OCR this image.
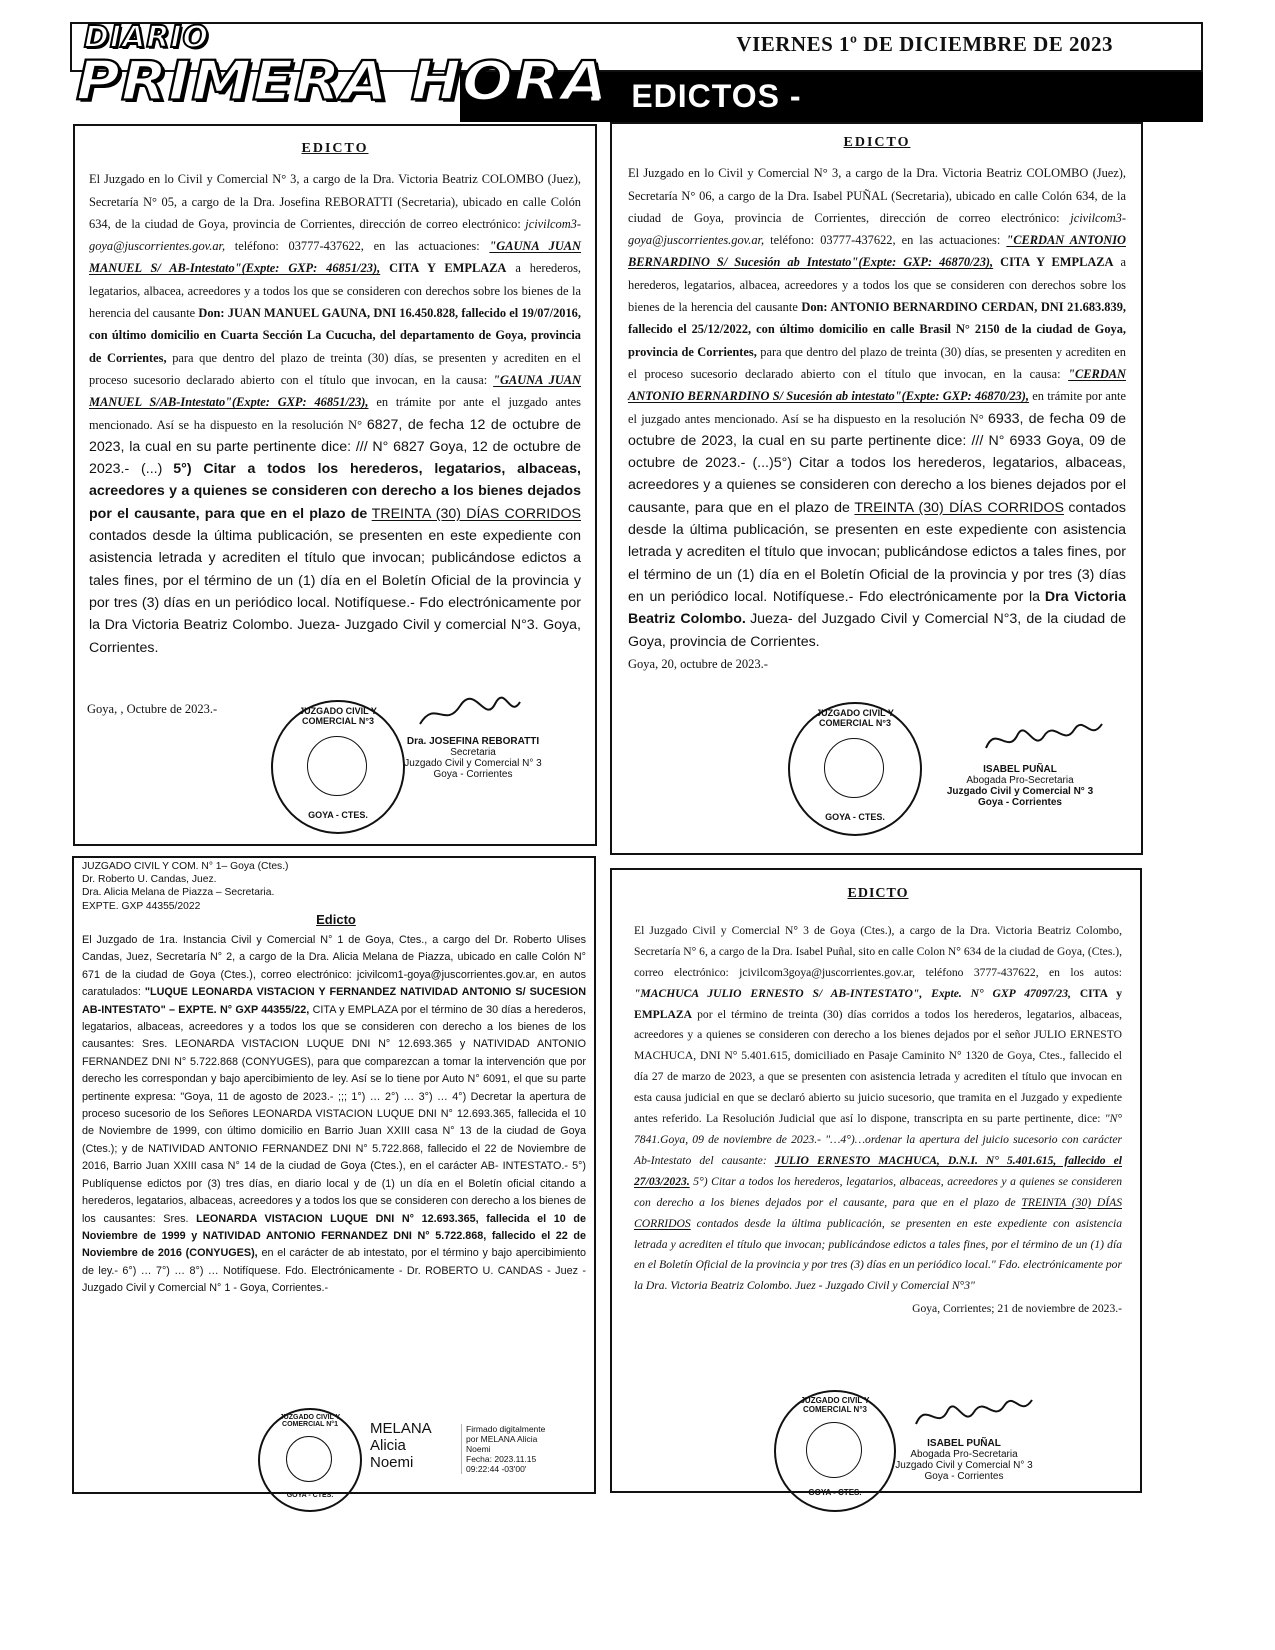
DIARIO
PRIMERA HORA
VIERNES 1º DE DICIEMBRE DE 2023
-   EDICTOS -
EDICTO

El Juzgado en lo Civil y Comercial N° 3, a cargo de la Dra. Victoria Beatriz COLOMBO (Juez), Secretaría N° 05, a cargo de la Dra. Josefina REBORATTI (Secretaria), ubicado en calle Colón 634, de la ciudad de Goya, provincia de Corrientes, dirección de correo electrónico: jcivilcom3-goya@juscorrientes.gov.ar, teléfono: 03777-437622, en las actuaciones: "GAUNA JUAN MANUEL S/ AB-Intestato"(Expte: GXP: 46851/23), CITA Y EMPLAZA a herederos, legatarios, albacea, acreedores y a todos los que se consideren con derechos sobre los bienes de la herencia del causante Don: JUAN MANUEL GAUNA, DNI 16.450.828, fallecido el 19/07/2016, con último domicilio en Cuarta Sección La Cucucha, del departamento de Goya, provincia de Corrientes, para que dentro del plazo de treinta (30) días, se presenten y acrediten en el proceso sucesorio declarado abierto con el título que invocan, en la causa: "GAUNA JUAN MANUEL S/AB-Intestato"(Expte: GXP: 46851/23), en trámite por ante el juzgado antes mencionado. Así se ha dispuesto en la resolución N° 6827, de fecha 12 de octubre de 2023, la cual en su parte pertinente dice: /// N° 6827 Goya, 12 de octubre de 2023.- (...) 5°) Citar a todos los herederos, legatarios, albaceas, acreedores y a quienes se consideren con derecho a los bienes dejados por el causante, para que en el plazo de TREINTA (30) DÍAS CORRIDOS contados desde la última publicación, se presenten en este expediente con asistencia letrada y acrediten el título que invocan; publicándose edictos a tales fines, por el término de un (1) día en el Boletín Oficial de la provincia y por tres (3) días en un periódico local. Notifíquese.- Fdo electrónicamente por la Dra Victoria Beatriz Colombo. Jueza- Juzgado Civil y comercial N°3. Goya, Corrientes.

Goya, , Octubre de 2023.-	JUZGADO CIVIL Y COMERCIAL N°3
GOYA - CTES.
Dra. JOSEFINA REBORATTI
Secretaria
Juzgado Civil y Comercial N° 3
Goya - Corrientes
EDICTO

El Juzgado en lo Civil y Comercial N° 3, a cargo de la Dra. Victoria Beatriz COLOMBO (Juez), Secretaría N° 06, a cargo de la Dra. Isabel PUÑAL (Secretaria), ubicado en calle Colón 634, de la ciudad de Goya, provincia de Corrientes, dirección de correo electrónico: jcivilcom3-goya@juscorrientes.gov.ar, teléfono: 03777-437622, en las actuaciones: "CERDAN ANTONIO BERNARDINO S/ Sucesión ab Intestato"(Expte: GXP: 46870/23), CITA Y EMPLAZA a herederos, legatarios, albacea, acreedores y a todos los que se consideren con derechos sobre los bienes de la herencia del causante Don: ANTONIO BERNARDINO CERDAN, DNI 21.683.839, fallecido el 25/12/2022, con último domicilio en calle Brasil N° 2150 de la ciudad de Goya, provincia de Corrientes, para que dentro del plazo de treinta (30) días, se presenten y acrediten en el proceso sucesorio declarado abierto con el título que invocan, en la causa: "CERDAN ANTONIO BERNARDINO S/ Sucesión ab intestato"(Expte: GXP: 46870/23), en trámite por ante el juzgado antes mencionado. Así se ha dispuesto en la resolución N° 6933, de fecha 09 de octubre de 2023, la cual en su parte pertinente dice: /// N° 6933 Goya, 09 de octubre de 2023.- (...)5°) Citar a todos los herederos, legatarios, albaceas, acreedores y a quienes se consideren con derecho a los bienes dejados por el causante, para que en el plazo de TREINTA (30) DÍAS CORRIDOS contados desde la última publicación, se presenten en este expediente con asistencia letrada y acrediten el título que invocan; publicándose edictos a tales fines, por el término de un (1) día en el Boletín Oficial de la provincia y por tres (3) días en un periódico local. Notifíquese.- Fdo electrónicamente por la Dra Victoria Beatriz Colombo. Jueza- del Juzgado Civil y Comercial N°3, de la ciudad de Goya, provincia de Corrientes.

Goya, 20, octubre de 2023.-
JUZGADO CIVIL Y COMERCIAL N°3
GOYA - CTES.
ISABEL PUÑAL
Abogada Pro-Secretaria
Juzgado Civil y Comercial N° 3
Goya - Corrientes
JUZGADO CIVIL Y COM. N° 1– Goya (Ctes.)
Dr. Roberto U. Candas, Juez.
Dra. Alicia Melana de Piazza – Secretaria.
EXPTE. GXP 44355/2022
Edicto

El Juzgado de 1ra. Instancia Civil y Comercial N° 1 de Goya, Ctes., a cargo del Dr. Roberto Ulises Candas, Juez, Secretaría N° 2, a cargo de la Dra. Alicia Melana de Piazza, ubicado en calle Colón N° 671 de la ciudad de Goya (Ctes.), correo electrónico: jcivilcom1-goya@juscorrientes.gov.ar, en autos caratulados: "LUQUE LEONARDA VISTACION Y FERNANDEZ NATIVIDAD ANTONIO S/ SUCESION AB-INTESTATO" – EXPTE. N° GXP 44355/22, CITA y EMPLAZA por el término de 30 días a herederos, legatarios, albaceas, acreedores y a todos los que se consideren con derecho a los bienes de los causantes: Sres. LEONARDA VISTACION LUQUE DNI N° 12.693.365 y NATIVIDAD ANTONIO FERNANDEZ DNI N° 5.722.868 (CONYUGES), para que comparezcan a tomar la intervención que por derecho les correspondan y bajo apercibimiento de ley. Así se lo tiene por Auto N° 6091, el que su parte pertinente expresa: "Goya, 11 de agosto de 2023.- ;;; 1°) … 2°) … 3°) … 4°) Decretar la apertura de proceso sucesorio de los Señores LEONARDA VISTACION LUQUE DNI N° 12.693.365, fallecida el 10 de Noviembre de 1999, con último domicilio en Barrio Juan XXIII casa N° 13 de la ciudad de Goya (Ctes.); y de NATIVIDAD ANTONIO FERNANDEZ DNI N° 5.722.868, fallecido el 22 de Noviembre de 2016, Barrio Juan XXIII casa N° 14 de la ciudad de Goya (Ctes.), en el carácter AB- INTESTATO.- 5°) Publíquense edictos por (3) tres días, en diario local y de (1) un día en el Boletín oficial citando a herederos, legatarios, albaceas, acreedores y a todos los que se consideren con derecho a los bienes de los causantes: Sres. LEONARDA VISTACION LUQUE DNI N° 12.693.365, fallecida el 10 de Noviembre de 1999 y NATIVIDAD ANTONIO FERNANDEZ DNI N° 5.722.868, fallecido el 22 de Noviembre de 2016 (CONYUGES), en el carácter de ab intestato, por el término y bajo apercibimiento de ley.- 6°) … 7°) … 8°) … Notifíquese. Fdo. Electrónicamente - Dr. ROBERTO U. CANDAS - Juez - Juzgado Civil y Comercial N° 1 - Goya, Corrientes.-

JUZGADO CIVIL Y COMERCIAL N°1
GOYA - CTES.
MELANA
Alicia
Noemi
Firmado digitalmente
por MELANA Alicia
Noemi
Fecha: 2023.11.15
09:22:44 -03'00'
EDICTO

El Juzgado Civil y Comercial N° 3 de Goya (Ctes.), a cargo de la Dra. Victoria Beatriz Colombo, Secretaría N° 6, a cargo de la Dra. Isabel Puñal, sito en calle Colon N° 634 de la ciudad de Goya, (Ctes.), correo electrónico: jcivilcom3goya@juscorrientes.gov.ar, teléfono 3777-437622, en los autos: "MACHUCA JULIO ERNESTO S/ AB-INTESTATO", Expte. N° GXP 47097/23, CITA y EMPLAZA por el término de treinta (30) días corridos a todos los herederos, legatarios, albaceas, acreedores y a quienes se consideren con derecho a los bienes dejados por el señor JULIO ERNESTO MACHUCA, DNI N° 5.401.615, domiciliado en Pasaje Caminito N° 1320 de Goya, Ctes., fallecido el día 27 de marzo de 2023, a que se presenten con asistencia letrada y acrediten el título que invocan en esta causa judicial en que se declaró abierto su juicio sucesorio, que tramita en el Juzgado y expediente antes referido. La Resolución Judicial que así lo dispone, transcripta en su parte pertinente, dice: "N° 7841.Goya, 09 de noviembre de 2023.- "…4°)…ordenar la apertura del juicio sucesorio con carácter Ab-Intestato del causante: JULIO ERNESTO MACHUCA, D.N.I. N° 5.401.615, fallecido el 27/03/2023. 5°) Citar a todos los herederos, legatarios, albaceas, acreedores y a quienes se consideren con derecho a los bienes dejados por el causante, para que en el plazo de TREINTA (30) DÍAS CORRIDOS contados desde la última publicación, se presenten en este expediente con asistencia letrada y acrediten el título que invocan; publicándose edictos a tales fines, por el término de un (1) día en el Boletín Oficial de la provincia y por tres (3) días en un periódico local." Fdo. electrónicamente por la Dra. Victoria Beatriz Colombo. Juez - Juzgado Civil y Comercial N°3"

Goya, Corrientes; 21 de noviembre de 2023.-
JUZGADO CIVIL Y COMERCIAL N°3
GOYA - CTES.
ISABEL PUÑAL
Abogada Pro-Secretaria
Juzgado Civil y Comercial N° 3
Goya - Corrientes
